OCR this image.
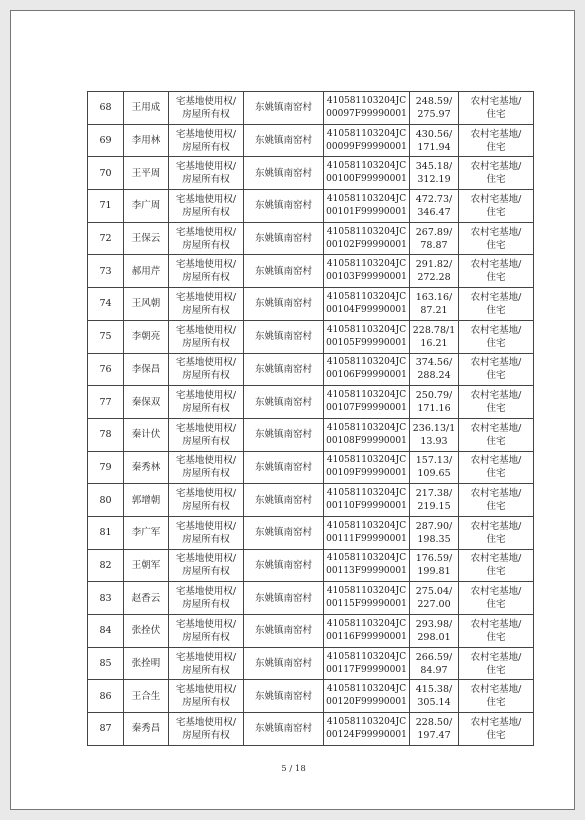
68	王用成	宅基地使用权/
房屋所有权	东姚镇南窑村	410581103204JC
00097F99990001	248.59/
275.97	农村宅基地/
住宅

69	李用林	宅基地使用权/
房屋所有权	东姚镇南窑村	410581103204JC
00099F99990001	430.56/
171.94	农村宅基地/
住宅

70	王平周	宅基地使用权/
房屋所有权	东姚镇南窑村	410581103204JC
00100F99990001	345.18/
312.19	农村宅基地/
住宅

71	李广周	宅基地使用权/
房屋所有权	东姚镇南窑村	410581103204JC
00101F99990001	472.73/
346.47	农村宅基地/
住宅

72	王保云	宅基地使用权/
房屋所有权	东姚镇南窑村	410581103204JC
00102F99990001	267.89/
78.87	农村宅基地/
住宅

73	郝用芹	宅基地使用权/
房屋所有权	东姚镇南窑村	410581103204JC
00103F99990001	291.82/
272.28	农村宅基地/
住宅

74	王风朝	宅基地使用权/
房屋所有权	东姚镇南窑村	410581103204JC
00104F99990001	163.16/
87.21	农村宅基地/
住宅

75	李朝亮	宅基地使用权/
房屋所有权	东姚镇南窑村	410581103204JC
00105F99990001	228.78/1
16.21	农村宅基地/
住宅

76	李保昌	宅基地使用权/
房屋所有权	东姚镇南窑村	410581103204JC
00106F99990001	374.56/
288.24	农村宅基地/
住宅

77	秦保双	宅基地使用权/
房屋所有权	东姚镇南窑村	410581103204JC
00107F99990001	250.79/
171.16	农村宅基地/
住宅

78	秦计伏	宅基地使用权/
房屋所有权	东姚镇南窑村	410581103204JC
00108F99990001	236.13/1
13.93	农村宅基地/
住宅

79	秦秀林	宅基地使用权/
房屋所有权	东姚镇南窑村	410581103204JC
00109F99990001	157.13/
109.65	农村宅基地/
住宅

80	郭增朝	宅基地使用权/
房屋所有权	东姚镇南窑村	410581103204JC
00110F99990001	217.38/
219.15	农村宅基地/
住宅

81	李广军	宅基地使用权/
房屋所有权	东姚镇南窑村	410581103204JC
00111F99990001	287.90/
198.35	农村宅基地/
住宅

82	王朝军	宅基地使用权/
房屋所有权	东姚镇南窑村	410581103204JC
00113F99990001	176.59/
199.81	农村宅基地/
住宅

83	赵香云	宅基地使用权/
房屋所有权	东姚镇南窑村	410581103204JC
00115F99990001	275.04/
227.00	农村宅基地/
住宅

84	张拴伏	宅基地使用权/
房屋所有权	东姚镇南窑村	410581103204JC
00116F99990001	293.98/
298.01	农村宅基地/
住宅

85	张拴明	宅基地使用权/
房屋所有权	东姚镇南窑村	410581103204JC
00117F99990001	266.59/
84.97	农村宅基地/
住宅

86	王合生	宅基地使用权/
房屋所有权	东姚镇南窑村	410581103204JC
00120F99990001	415.38/
305.14	农村宅基地/
住宅

87	秦秀昌	宅基地使用权/
房屋所有权	东姚镇南窑村	410581103204JC
00124F99990001	228.50/
197.47	农村宅基地/
住宅
5 / 18
